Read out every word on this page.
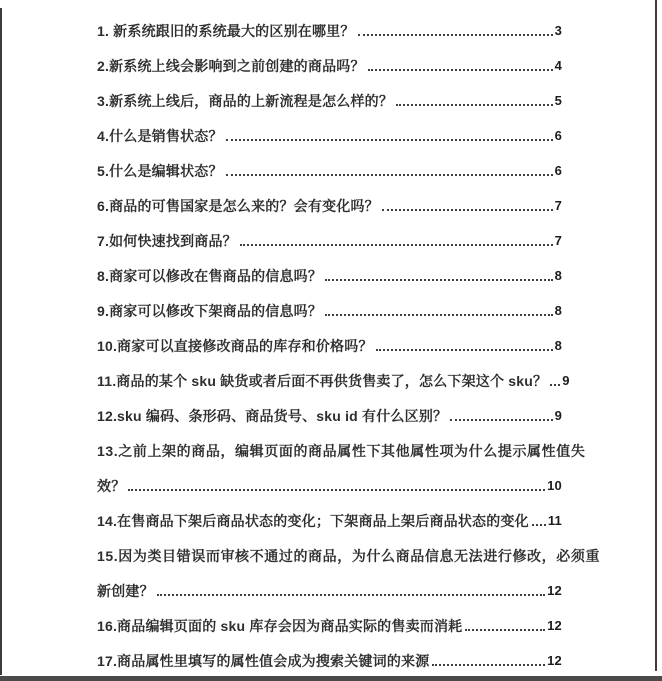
1. 新系统跟旧的系统最大的区别在哪里？	3
2.新系统上线会影响到之前创建的商品吗？	4
3.新系统上线后，商品的上新流程是怎么样的？	5
4.什么是销售状态？	6
5.什么是编辑状态？	6
6.商品的可售国家是怎么来的？会有变化吗？	7
7.如何快速找到商品？	7
8.商家可以修改在售商品的信息吗？	8
9.商家可以修改下架商品的信息吗？	8
10.商家可以直接修改商品的库存和价格吗？	8
11.商品的某个 sku 缺货或者后面不再供货售卖了，怎么下架这个 sku？ 9
12.sku 编码、条形码、商品货号、sku id 有什么区别？	9
13.之前上架的商品，编辑页面的商品属性下其他属性项为什么提示属性值失
效？	10
14.在售商品下架后商品状态的变化；下架商品上架后商品状态的变化 11
15.因为类目错误而审核不通过的商品，为什么商品信息无法进行修改，必须重
新创建？	12
16.商品编辑页面的 sku 库存会因为商品实际的售卖而消耗	12
17.商品属性里填写的属性值会成为搜索关键词的来源	12
